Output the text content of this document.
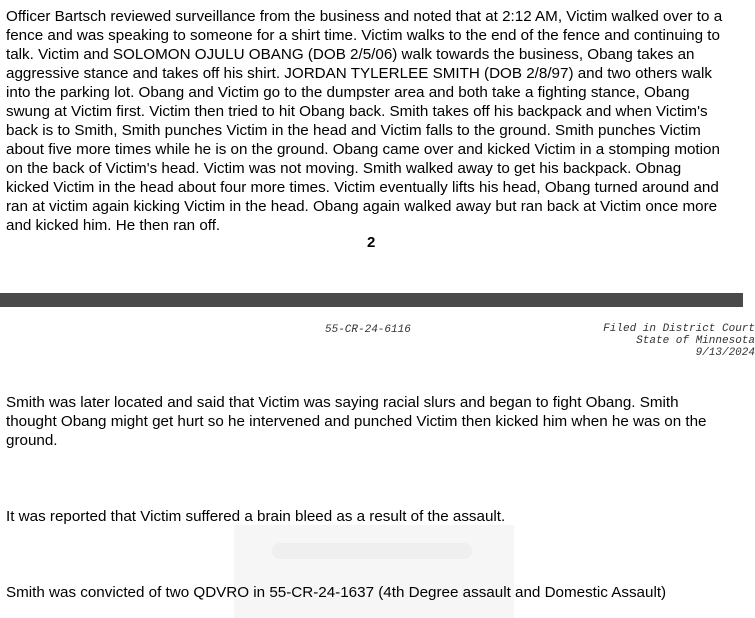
Officer Bartsch reviewed surveillance from the business and noted that at 2:12 AM, Victim walked over to a
fence and was speaking to someone for a shirt time. Victim walks to the end of the fence and continuing to
talk. Victim and SOLOMON OJULU OBANG (DOB 2/5/06) walk towards the business, Obang takes an
aggressive stance and takes off his shirt. JORDAN TYLERLEE SMITH (DOB 2/8/97) and two others walk
into the parking lot. Obang and Victim go to the dumpster area and both take a fighting stance, Obang
swung at Victim first. Victim then tried to hit Obang back. Smith takes off his backpack and when Victim's
back is to Smith, Smith punches Victim in the head and Victim falls to the ground. Smith punches Victim
about five more times while he is on the ground. Obang came over and kicked Victim in a stomping motion
on the back of Victim's head. Victim was not moving. Smith walked away to get his backpack. Obnag
kicked Victim in the head about four more times. Victim eventually lifts his head, Obang turned around and
ran at victim again kicking Victim in the head. Obang again walked away but ran back at Victim once more
and kicked him. He then ran off.

2
55-CR-24-6116	Filed in District Court
State of Minnesota
9/13/2024

Smith was later located and said that Victim was saying racial slurs and began to fight Obang. Smith
thought Obang might get hurt so he intervened and punched Victim then kicked him when he was on the
ground.

It was reported that Victim suffered a brain bleed as a result of the assault.

Smith was convicted of two QDVRO in 55-CR-24-1637 (4th Degree assault and Domestic Assault)
